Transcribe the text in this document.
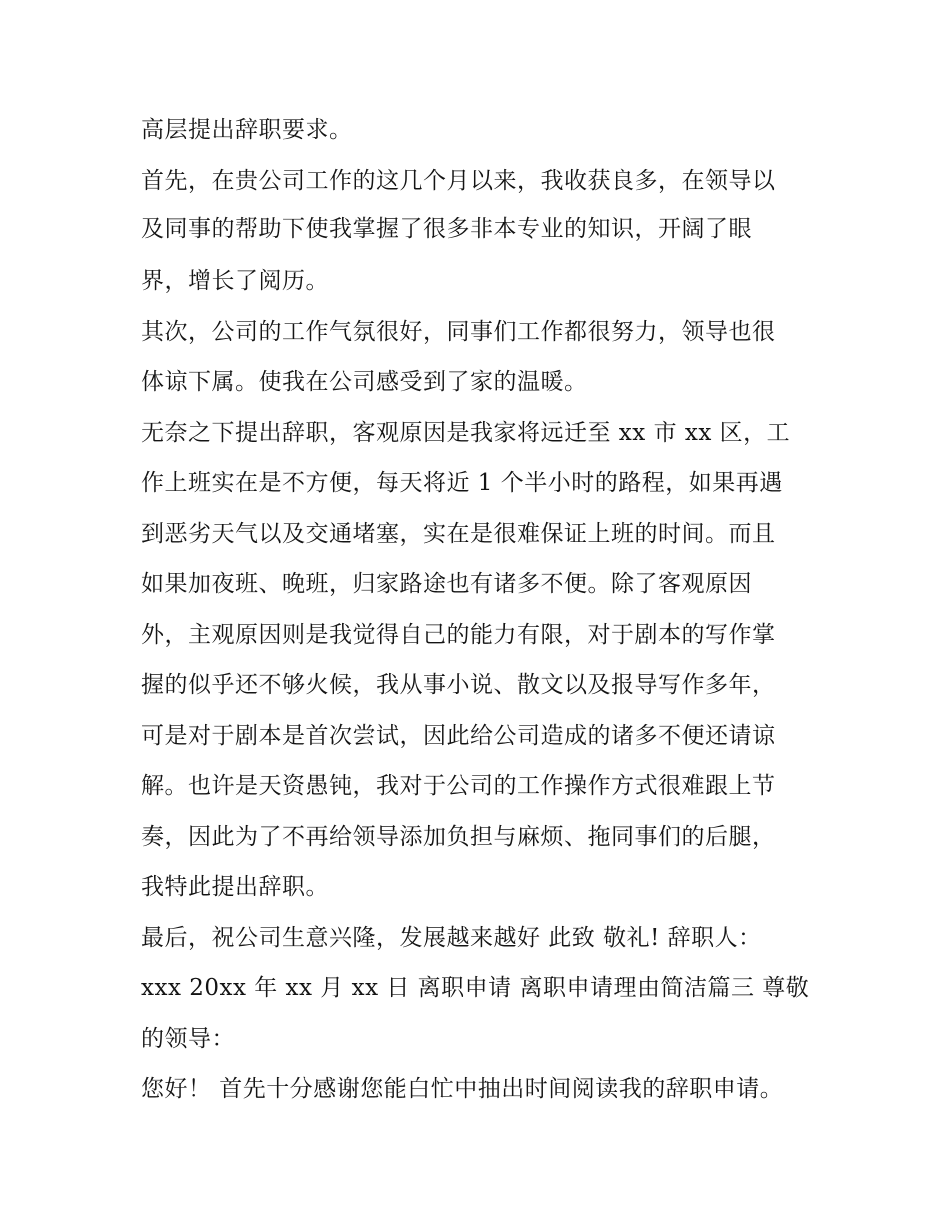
高层提出辞职要求。

首先，在贵公司工作的这几个月以来，我收获良多，在领导以

及同事的帮助下使我掌握了很多非本专业的知识，开阔了眼

界，增长了阅历。

其次，公司的工作气氛很好，同事们工作都很努力，领导也很

体谅下属。使我在公司感受到了家的温暖。

无奈之下提出辞职，客观原因是我家将远迁至 xx 市 xx 区，工

作上班实在是不方便，每天将近 1 个半小时的路程，如果再遇

到恶劣天气以及交通堵塞，实在是很难保证上班的时间。而且

如果加夜班、晚班，归家路途也有诸多不便。除了客观原因

外，主观原因则是我觉得自己的能力有限，对于剧本的写作掌

握的似乎还不够火候，我从事小说、散文以及报导写作多年，

可是对于剧本是首次尝试，因此给公司造成的诸多不便还请谅

解。也许是天资愚钝，我对于公司的工作操作方式很难跟上节

奏，因此为了不再给领导添加负担与麻烦、拖同事们的后腿，

我特此提出辞职。

最后，祝公司生意兴隆，发展越来越好 此致 敬礼! 辞职人：

xxx 20xx 年 xx 月 xx 日 离职申请 离职申请理由简洁篇三 尊敬

的领导：

您好！ 首先十分感谢您能白忙中抽出时间阅读我的辞职申请。
